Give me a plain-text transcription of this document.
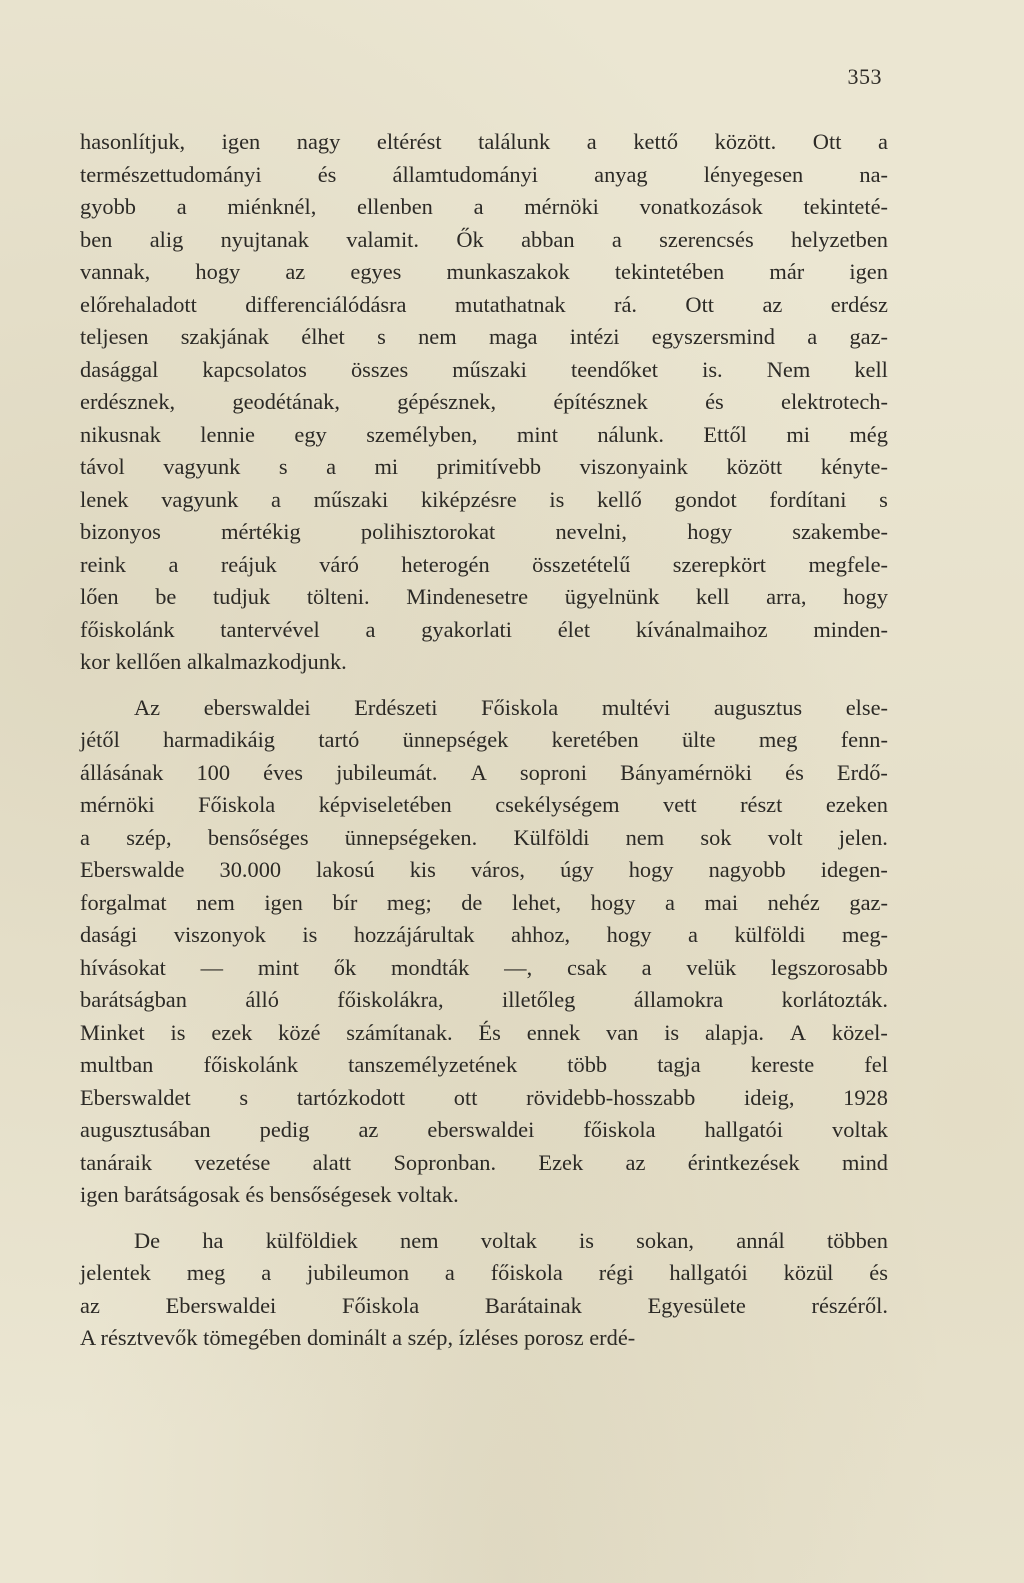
353
hasonlítjuk, igen nagy eltérést találunk a kettő között. Ott a
természettudományi	és	államtudományi	anyag	lényegesen	na-
gyobb a miénknél, ellenben a mérnöki vonatkozások tekinteté-
ben alig nyujtanak valamit. Ők abban a szerencsés helyzetben
vannak, hogy az egyes munkaszakok tekintetében már igen
előrehaladott differenciálódásra mutathatnak rá. Ott az erdész
teljesen szakjának élhet s nem maga intézi egyszersmind a gaz-
dasággal kapcsolatos összes műszaki teendőket is. Nem kell
erdésznek,	geodétának,	gépésznek,	építésznek	és	elektrotech-
nikusnak lennie egy személyben, mint nálunk. Ettől mi még
távol vagyunk s a mi primitívebb viszonyaink között kényte-
lenek vagyunk a műszaki kiképzésre is kellő gondot fordítani s
bizonyos	mértékig	polihisztorokat	nevelni,	hogy	szakembe-
reink a reájuk váró heterogén összetételű szerepkört megfele-
lően be tudjuk tölteni. Mindenesetre ügyelnünk kell arra, hogy
főiskolánk tantervével a gyakorlati élet kívánalmaihoz minden-
kor kellően alkalmazkodjunk.
Az eberswaldei Erdészeti Főiskola multévi augusztus else-
jétől harmadikáig tartó ünnepségek keretében ülte meg fenn-
állásának 100 éves jubileumát. A soproni Bányamérnöki és Erdő-
mérnöki Főiskola képviseletében csekélységem vett részt ezeken
a szép, bensőséges ünnepségeken. Külföldi nem sok volt jelen.
Eberswalde 30.000 lakosú kis város, úgy hogy nagyobb idegen-
forgalmat nem igen bír meg; de lehet, hogy a mai nehéz gaz-
dasági viszonyok is hozzájárultak ahhoz, hogy a külföldi meg-
hívásokat — mint ők mondták —, csak a velük legszorosabb
barátságban	álló	főiskolákra,	illetőleg	államokra	korlátozták.
Minket is ezek közé számítanak. És ennek van is alapja. A közel-
multban főiskolánk tanszemélyzetének több tagja kereste fel
Eberswaldet s tartózkodott ott rövidebb-hosszabb ideig, 1928
augusztusában pedig az eberswaldei főiskola hallgatói voltak
tanáraik vezetése alatt Sopronban. Ezek az érintkezések mind
igen barátságosak és bensőségesek voltak.
De ha külföldiek nem voltak is sokan, annál többen
jelentek meg a jubileumon a főiskola régi hallgatói közül és
az	Eberswaldei	Főiskola	Barátainak	Egyesülete	részéről.
A résztvevők tömegében dominált a szép, ízléses porosz erdé-
